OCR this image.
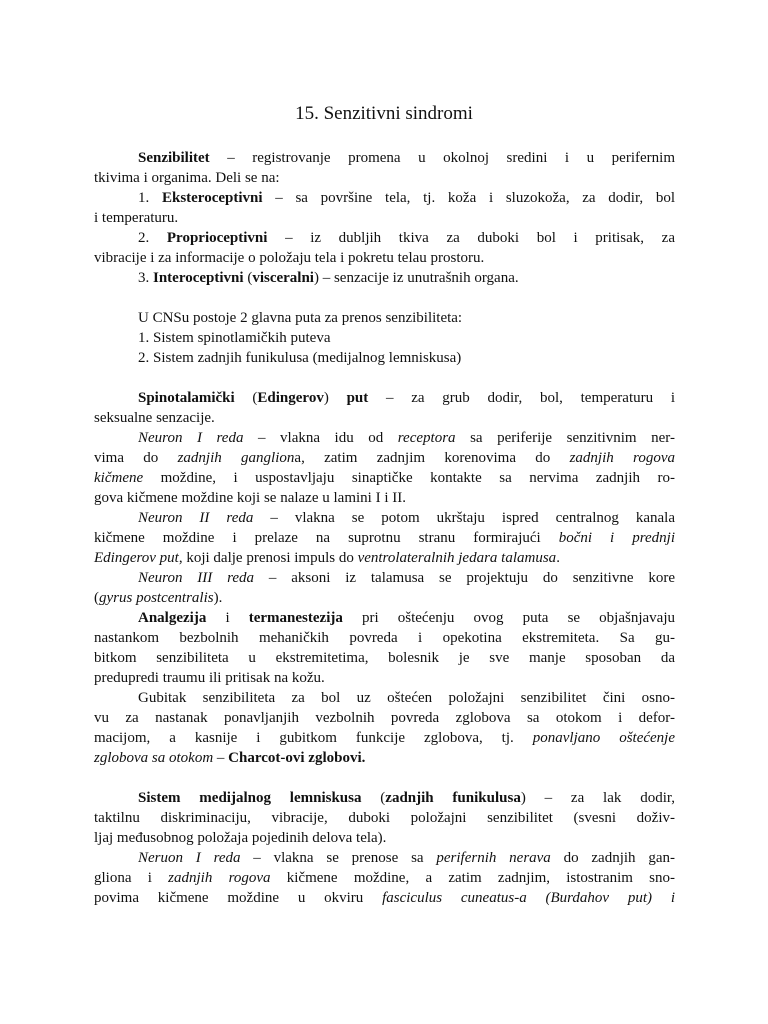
15. Senzitivni sindromi
Senzibilitet – registrovanje promena u okolnoj sredini i u perifernim
tkivima i organima. Deli se na:
1. Eksteroceptivni – sa površine tela, tj. koža i sluzokoža, za dodir, bol
i temperaturu.
2. Proprioceptivni – iz dubljih tkiva za duboki bol i pritisak, za
vibracije i za informacije o položaju tela i pokretu telau prostoru.
3. Interoceptivni (visceralni) – senzacije iz unutrašnih organa.
U CNSu postoje 2 glavna puta za prenos senzibiliteta:
1. Sistem spinotlamičkih puteva
2. Sistem zadnjih funikulusa (medijalnog lemniskusa)
Spinotalamički (Edingerov) put – za grub dodir, bol, temperaturu i
seksualne senzacije.
Neuron I reda – vlakna idu od receptora sa periferije senzitivnim ner-
vima do zadnjih gangliona, zatim zadnjim korenovima do zadnjih rogova
kičmene moždine, i uspostavljaju sinaptičke kontakte sa nervima zadnjih ro-
gova kičmene moždine koji se nalaze u lamini I i II.
Neuron II reda – vlakna se potom ukrštaju ispred centralnog kanala
kičmene moždine i prelaze na suprotnu stranu formirajući bočni i prednji
Edingerov put, koji dalje prenosi impuls do ventrolateralnih jedara talamusa.
Neuron III reda – aksoni iz talamusa se projektuju do senzitivne kore
(gyrus postcentralis).
Analgezija i termanestezija pri oštećenju ovog puta se objašnjavaju
nastankom bezbolnih mehaničkih povreda i opekotina ekstremiteta. Sa gu-
bitkom senzibiliteta u ekstremitetima, bolesnik je sve manje sposoban da
predupredi traumu ili pritisak na kožu.
Gubitak senzibiliteta za bol uz oštećen položajni senzibilitet čini osno-
vu za nastanak ponavljanjih vezbolnih povreda zglobova sa otokom i defor-
macijom, a kasnije i gubitkom funkcije zglobova, tj. ponavljano oštećenje
zglobova sa otokom – Charcot-ovi zglobovi.
Sistem medijalnog lemniskusa (zadnjih funikulusa) – za lak dodir,
taktilnu diskriminaciju, vibracije, duboki položajni senzibilitet (svesni doživ-
ljaj međusobnog položaja pojedinih delova tela).
Neruon I reda – vlakna se prenose sa perifernih nerava do zadnjih gan-
gliona i zadnjih rogova kičmene moždine, a zatim zadnjim, istostranim sno-
povima kičmene moždine u okviru fasciculus cuneatus-a (Burdahov put) i
